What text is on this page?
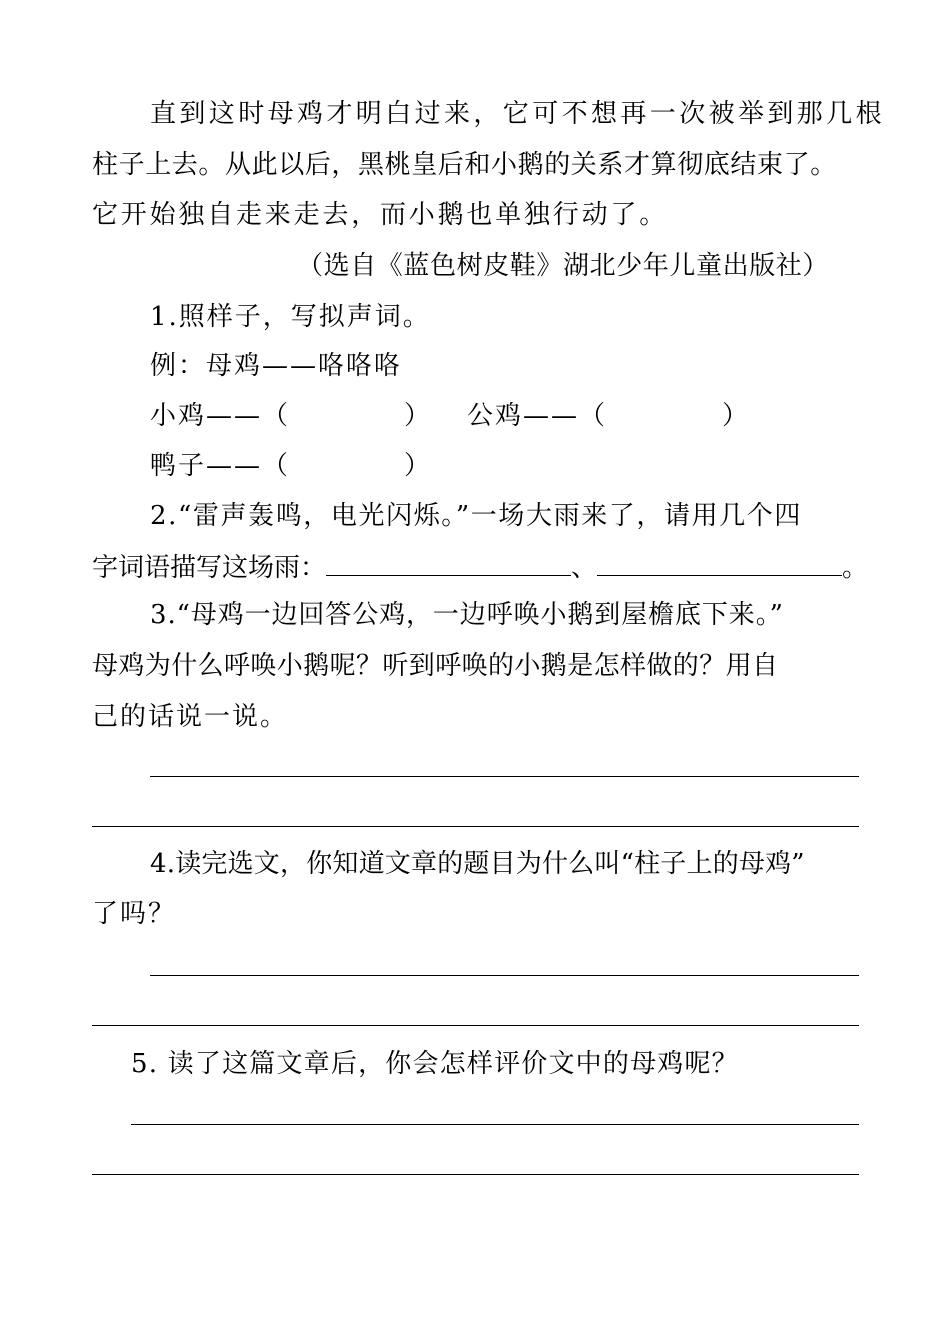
直到这时母鸡才明白过来，它可不想再一次被举到那几根
柱子上去。从此以后，黑桃皇后和小鹅的关系才算彻底结束了。
它开始独自走来走去，而小鹅也单独行动了。
（选自《蓝色树皮鞋》湖北少年儿童出版社）
1.照样子，写拟声词。
例：母鸡——咯咯咯
小鸡——（	） 公鸡——（	）
鸭子——（	）
2.“雷声轰鸣，电光闪烁。”一场大雨来了，请用几个四
字词语描写这场雨：	、	。
3.“母鸡一边回答公鸡，一边呼唤小鹅到屋檐底下来。”
母鸡为什么呼唤小鹅呢？听到呼唤的小鹅是怎样做的？用自
己的话说一说。
4.读完选文，你知道文章的题目为什么叫“柱子上的母鸡”
了吗？
5. 读了这篇文章后，你会怎样评价文中的母鸡呢？
